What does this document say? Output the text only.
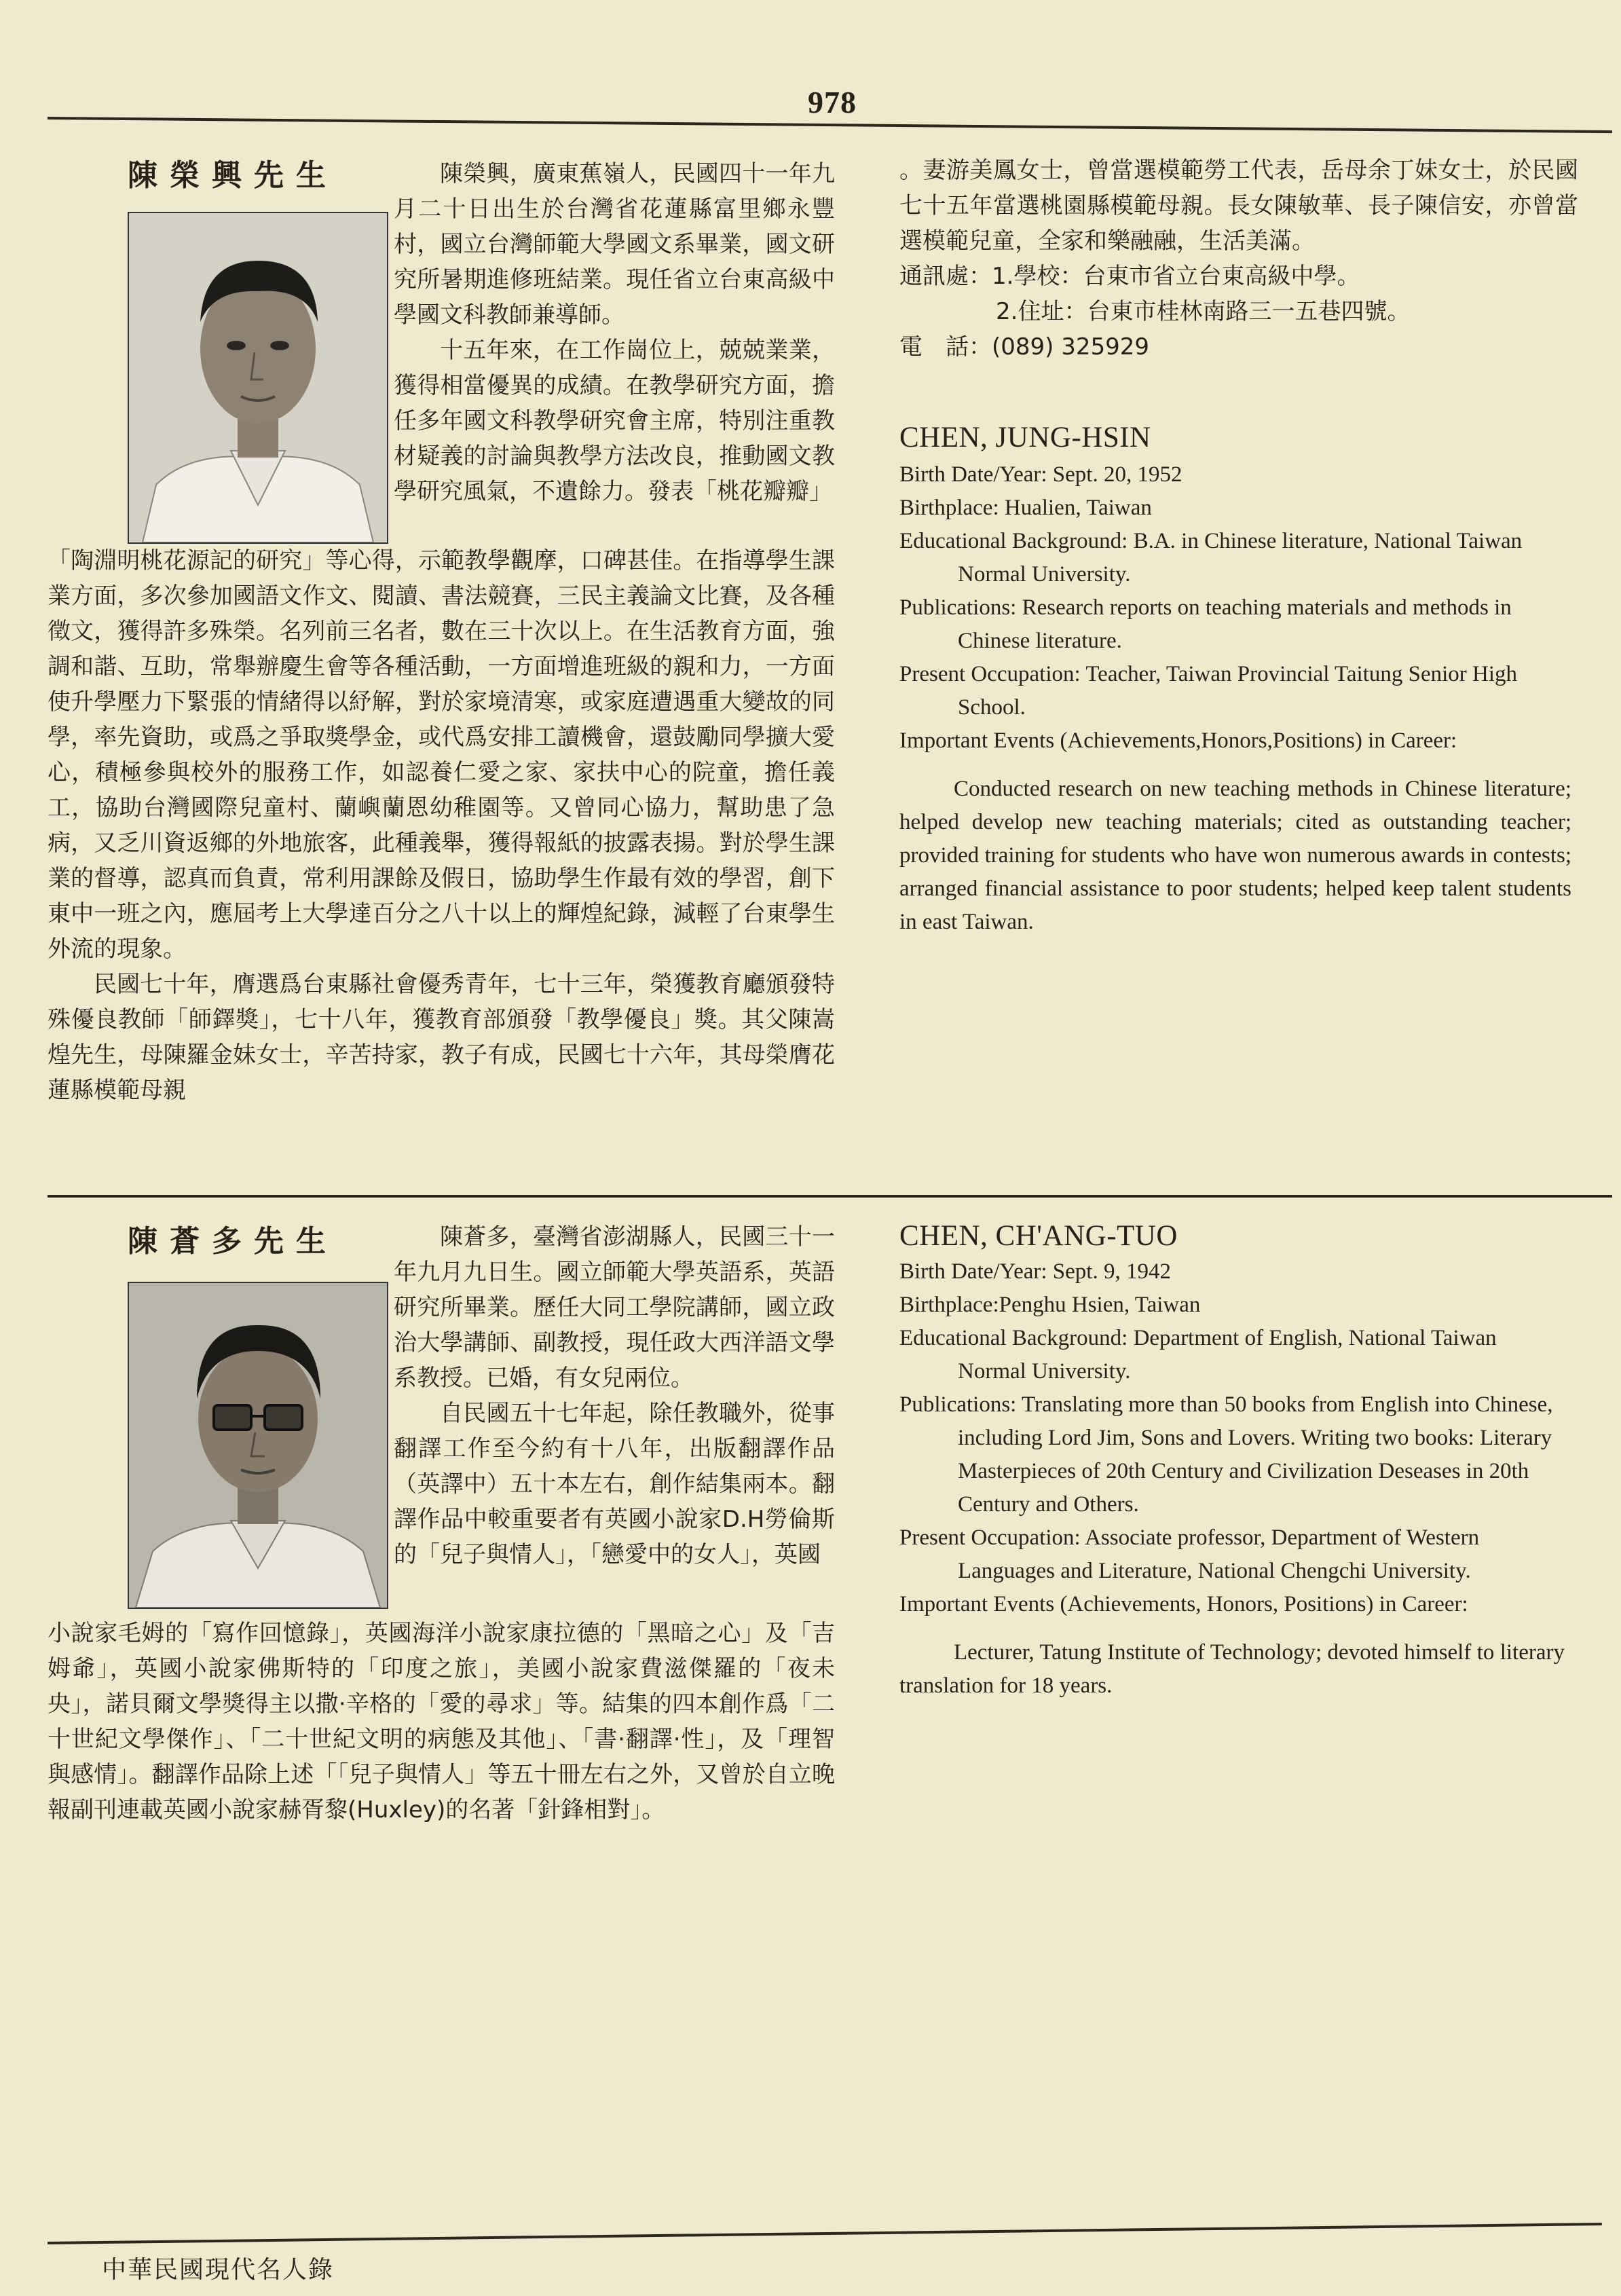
978
陳榮興先生	陳榮興，廣東蕉嶺人，民國四十一年九月二十日出生於台灣省花蓮縣富里鄉永豐村，國立台灣師範大學國文系畢業，國文研究所暑期進修班結業。現任省立台東高級中學國文科教師兼導師。

十五年來，在工作崗位上，兢兢業業，獲得相當優異的成績。在教學研究方面，擔任多年國文科教學研究會主席，特別注重教材疑義的討論與教學方法改良，推動國文教學研究風氣，不遺餘力。發表「桃花瓣瓣」

「陶淵明桃花源記的研究」等心得，示範教學觀摩，口碑甚佳。在指導學生課業方面，多次參加國語文作文、閱讀、書法競賽，三民主義論文比賽，及各種徵文，獲得許多殊榮。名列前三名者，數在三十次以上。在生活教育方面，強調和諧、互助，常舉辦慶生會等各種活動，一方面增進班級的親和力，一方面使升學壓力下緊張的情緒得以紓解，對於家境清寒，或家庭遭遇重大變故的同學，率先資助，或爲之爭取獎學金，或代爲安排工讀機會，還鼓勵同學擴大愛心，積極參與校外的服務工作，如認養仁愛之家、家扶中心的院童，擔任義工，協助台灣國際兒童村、蘭嶼蘭恩幼稚園等。又曾同心協力，幫助患了急病，又乏川資返鄉的外地旅客，此種義舉，獲得報紙的披露表揚。對於學生課業的督導，認真而負責，常利用課餘及假日，協助學生作最有效的學習，創下東中一班之內，應屆考上大學達百分之八十以上的輝煌紀錄，減輕了台東學生外流的現象。

民國七十年，膺選爲台東縣社會優秀青年，七十三年，榮獲教育廳頒發特殊優良教師「師鐸獎」，七十八年，獲教育部頒發「教學優良」獎。其父陳嵩煌先生，母陳羅金妹女士，辛苦持家，教子有成，民國七十六年，其母榮膺花蓮縣模範母親

。妻游美鳳女士，曾當選模範勞工代表，岳母余丁妹女士，於民國七十五年當選桃園縣模範母親。長女陳敏華、長子陳信安，亦曾當選模範兒童，全家和樂融融，生活美滿。

通訊處：1.學校：台東市省立台東高級中學。

2.住址：台東市桂林南路三一五巷四號。

電　話：(089) 325929

CHEN, JUNG-HSIN

Birth Date/Year: Sept. 20, 1952

Birthplace: Hualien, Taiwan

Educational Background: B.A. in Chinese literature, National Taiwan Normal University.

Publications: Research reports on teaching materials and methods in Chinese literature.

Present Occupation: Teacher, Taiwan Provincial Taitung Senior High School.

Important Events (Achievements,Honors,Positions) in Career:

Conducted research on new teaching methods in Chinese literature; helped develop new teaching materials; cited as outstanding teacher; provided training for students who have won numerous awards in contests; arranged financial assistance to poor students; helped keep talent students in east Taiwan.

陳蒼多先生	陳蒼多，臺灣省澎湖縣人，民國三十一年九月九日生。國立師範大學英語系，英語研究所畢業。歷任大同工學院講師，國立政治大學講師、副教授，現任政大西洋語文學系教授。已婚，有女兒兩位。

自民國五十七年起，除任教職外，從事翻譯工作至今約有十八年，出版翻譯作品（英譯中）五十本左右，創作結集兩本。翻譯作品中較重要者有英國小說家D.H勞倫斯的「兒子與情人」，「戀愛中的女人」，英國

小說家毛姆的「寫作回憶錄」，英國海洋小說家康拉德的「黑暗之心」及「吉姆爺」，英國小說家佛斯特的「印度之旅」，美國小說家費滋傑羅的「夜未央」，諾貝爾文學獎得主以撒·辛格的「愛的尋求」等。結集的四本創作爲「二十世紀文學傑作」、「二十世紀文明的病態及其他」、「書·翻譯·性」，及「理智與感情」。翻譯作品除上述「「兒子與情人」等五十冊左右之外，又曾於自立晚報副刊連載英國小說家赫胥黎(Huxley)的名著「針鋒相對」。

CHEN, CH'ANG-TUO

Birth Date/Year: Sept. 9, 1942

Birthplace:Penghu Hsien, Taiwan

Educational Background: Department of English, National Taiwan Normal University.

Publications: Translating more than 50 books from English into Chinese, including Lord Jim, Sons and Lovers. Writing two books: Literary Masterpieces of 20th Century and Civilization Deseases in 20th Century and Others.

Present Occupation: Associate professor, Department of Western Languages and Literature, National Chengchi University.

Important Events (Achievements, Honors, Positions) in Career:

Lecturer, Tatung Institute of Technology; devoted himself to literary translation for 18 years.

中華民國現代名人錄
